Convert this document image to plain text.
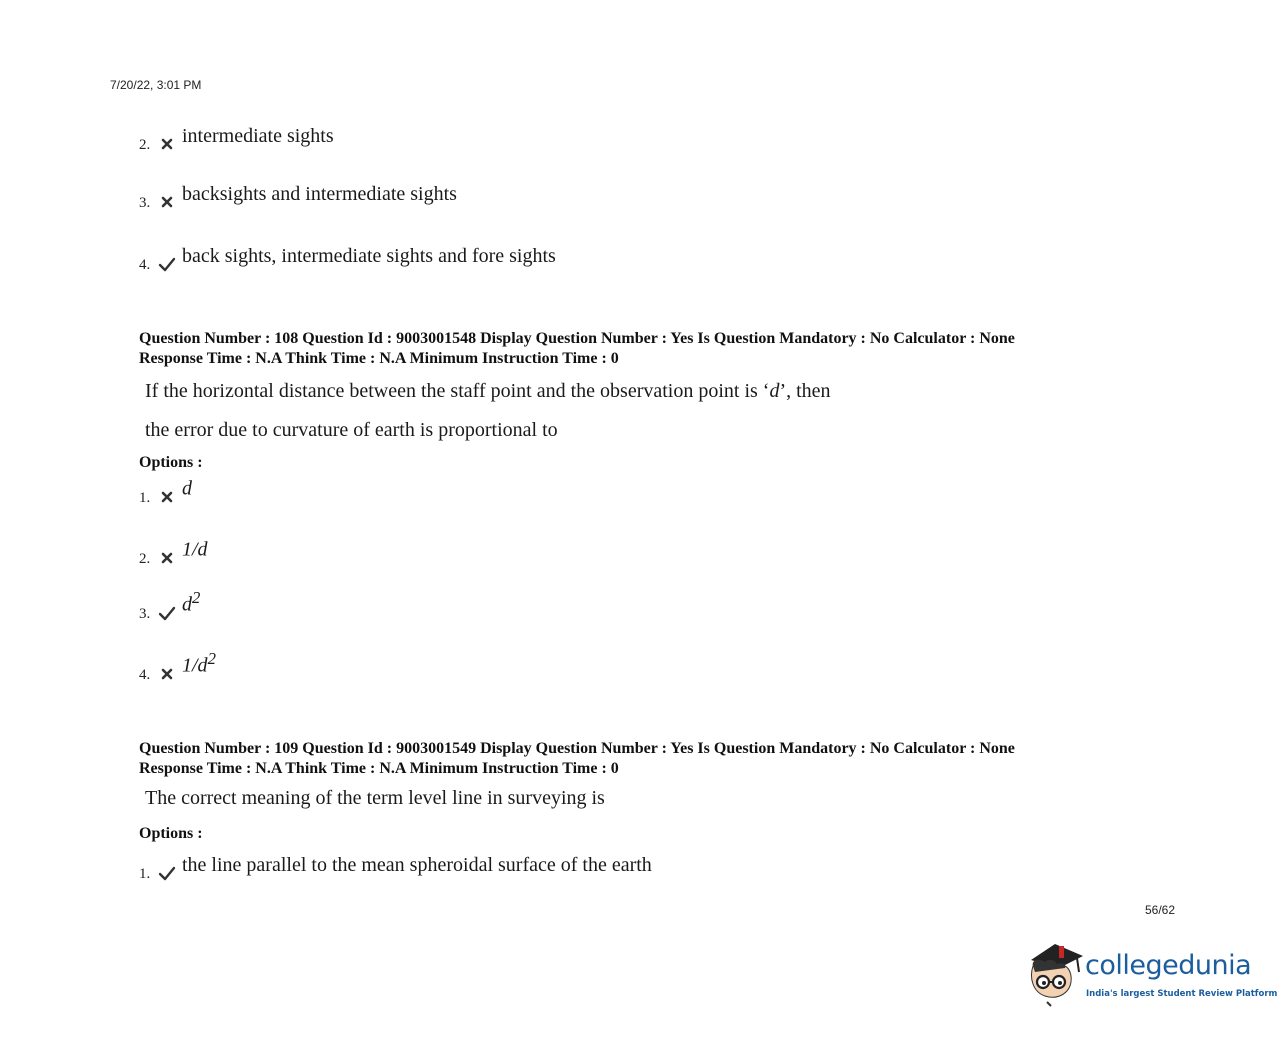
7/20/22, 3:01 PM
2. intermediate sights
3. backsights and intermediate sights
4. back sights, intermediate sights and fore sights
Question Number : 108 Question Id : 9003001548 Display Question Number : Yes Is Question Mandatory : No Calculator : None
Response Time : N.A Think Time : N.A Minimum Instruction Time : 0
If the horizontal distance between the staff point and the observation point is ‘d’, then
the error due to curvature of earth is proportional to
Options :
1. d
2. 1/d
3. $d^2$
4. $1/d^2$
Question Number : 109 Question Id : 9003001549 Display Question Number : Yes Is Question Mandatory : No Calculator : None
Response Time : N.A Think Time : N.A Minimum Instruction Time : 0
The correct meaning of the term level line in surveying is
Options :
1. the line parallel to the mean spheroidal surface of the earth
56/62
collegedunia
India's largest Student Review Platform
